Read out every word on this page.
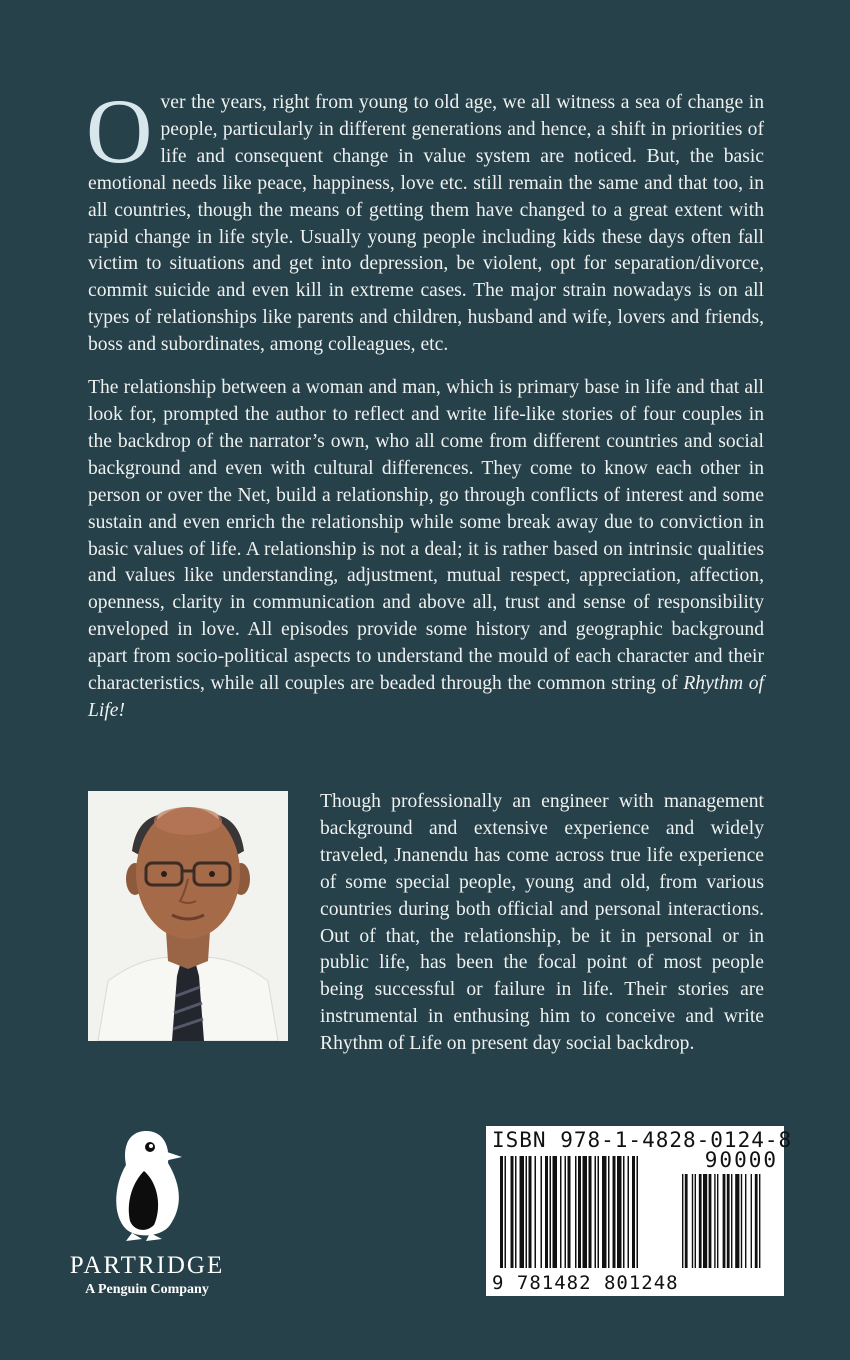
Over the years, right from young to old age, we all witness a sea of change in people, particularly in different generations and hence, a shift in priorities of life and consequent change in value system are noticed. But, the basic emotional needs like peace, happiness, love etc. still remain the same and that too, in all countries, though the means of getting them have changed to a great extent with rapid change in life style. Usually young people including kids these days often fall victim to situations and get into depression, be violent, opt for separation/divorce, commit suicide and even kill in extreme cases. The major strain nowadays is on all types of relationships like parents and children, husband and wife, lovers and friends, boss and subordinates, among colleagues, etc.

The relationship between a woman and man, which is primary base in life and that all look for, prompted the author to reflect and write life-like stories of four couples in the backdrop of the narrator’s own, who all come from different countries and social background and even with cultural differences. They come to know each other in person or over the Net, build a relationship, go through conflicts of interest and some sustain and even enrich the relationship while some break away due to conviction in basic values of life. A relationship is not a deal; it is rather based on intrinsic qualities and values like understanding, adjustment, mutual respect, appreciation, affection, openness, clarity in communication and above all, trust and sense of responsibility enveloped in love. All episodes provide some history and geographic background apart from socio-political aspects to understand the mould of each character and their characteristics, while all couples are beaded through the common string of Rhythm of Life!

Though professionally an engineer with management background and extensive experience and widely traveled, Jnanendu has come across true life experience of some special people, young and old, from various countries during both official and personal interactions. Out of that, the relationship, be it in personal or in public life, has been the focal point of most people being successful or failure in life. Their stories are instrumental in enthusing him to conceive and write Rhythm of Life on present day social backdrop.

PARTRIDGE
A Penguin Company
ISBN 978-1-4828-0124-8
90000
9 781482 801248
